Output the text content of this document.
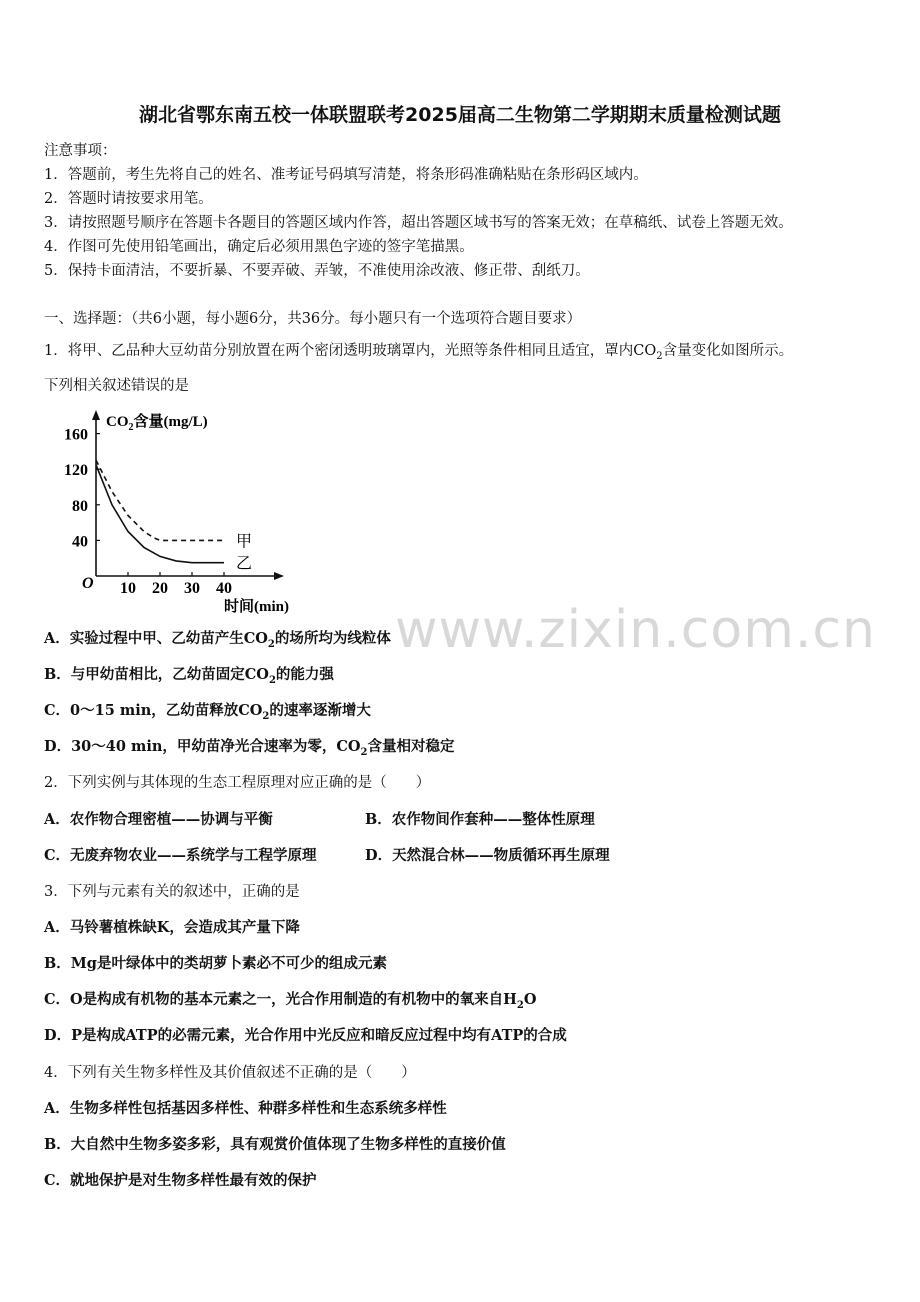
湖北省鄂东南五校一体联盟联考2025届高二生物第二学期期末质量检测试题
注意事项：
1．答题前，考生先将自己的姓名、准考证号码填写清楚，将条形码准确粘贴在条形码区域内。
2．答题时请按要求用笔。
3．请按照题号顺序在答题卡各题目的答题区域内作答，超出答题区域书写的答案无效；在草稿纸、试卷上答题无效。
4．作图可先使用铅笔画出，确定后必须用黑色字迹的签字笔描黑。
5．保持卡面清洁，不要折暴、不要弄破、弄皱，不准使用涂改液、修正带、刮纸刀。
一、选择题：（共6小题，每小题6分，共36分。每小题只有一个选项符合题目要求）
1．将甲、乙品种大豆幼苗分别放置在两个密闭透明玻璃罩内，光照等条件相同且适宜，罩内$CO_2$含量变化如图所示。
下列相关叙述错误的是
10 20 30 40
40
80
120
160
甲
乙
$CO_2$含量(mg/L)
时间(min)
O
www.zixin.com.cn
A．实验过程中甲、乙幼苗产生$CO_2$的场所均为线粒体
B．与甲幼苗相比，乙幼苗固定$CO_2$的能力强
C．0～15 min，乙幼苗释放$CO_2$的速率逐渐增大
D．30～40 min，甲幼苗净光合速率为零，$CO_2$含量相对稳定
2．下列实例与其体现的生态工程原理对应正确的是（　　）
A．农作物合理密植——协调与平衡	B．农作物间作套种——整体性原理
C．无废弃物农业——系统学与工程学原理	D．天然混合林——物质循环再生原理
3．下列与元素有关的叙述中，正确的是
A．马铃薯植株缺K，会造成其产量下降
B．Mg是叶绿体中的类胡萝卜素必不可少的组成元素
C．O是构成有机物的基本元素之一，光合作用制造的有机物中的氧来自$H_2O$
D．P是构成ATP的必需元素，光合作用中光反应和暗反应过程中均有ATP的合成
4．下列有关生物多样性及其价值叙述不正确的是（　　）
A．生物多样性包括基因多样性、种群多样性和生态系统多样性
B．大自然中生物多姿多彩，具有观赏价值体现了生物多样性的直接价值
C．就地保护是对生物多样性最有效的保护
